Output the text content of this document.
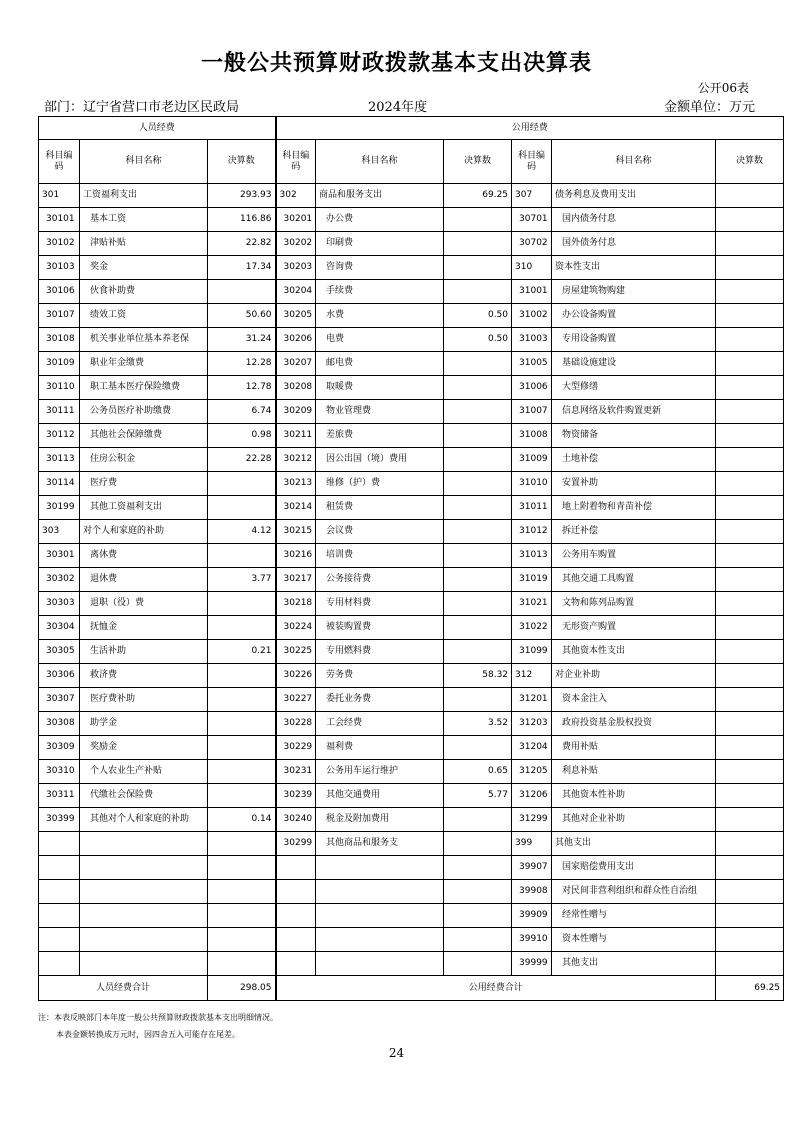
一般公共预算财政拨款基本支出决算表
公开06表
部门：辽宁省营口市老边区民政局	2024年度	金额单位：万元
人员经费			公用经费					
科目编码	科目名称	决算数	科目编码	科目名称	决算数	科目编码	科目名称	决算数
301	工资福利支出	293.93	302	商品和服务支出	69.25	307	债务利息及费用支出	
30101	基本工资	116.86	30201	办公费		30701	国内债务付息	
30102	津贴补贴	22.82	30202	印刷费		30702	国外债务付息	
30103	奖金	17.34	30203	咨询费		310	资本性支出	
30106	伙食补助费		30204	手续费		31001	房屋建筑物购建	
30107	绩效工资	50.60	30205	水费	0.50	31002	办公设备购置	
30108	机关事业单位基本养老保	31.24	30206	电费	0.50	31003	专用设备购置	
30109	职业年金缴费	12.28	30207	邮电费		31005	基础设施建设	
30110	职工基本医疗保险缴费	12.78	30208	取暖费		31006	大型修缮	
30111	公务员医疗补助缴费	6.74	30209	物业管理费		31007	信息网络及软件购置更新	
30112	其他社会保障缴费	0.98	30211	差旅费		31008	物资储备	
30113	住房公积金	22.28	30212	因公出国（境）费用		31009	土地补偿	
30114	医疗费		30213	维修（护）费		31010	安置补助	
30199	其他工资福利支出		30214	租赁费		31011	地上附着物和青苗补偿	
303	对个人和家庭的补助	4.12	30215	会议费		31012	拆迁补偿	
30301	离休费		30216	培训费		31013	公务用车购置	
30302	退休费	3.77	30217	公务接待费		31019	其他交通工具购置	
30303	退职（役）费		30218	专用材料费		31021	文物和陈列品购置	
30304	抚恤金		30224	被装购置费		31022	无形资产购置	
30305	生活补助	0.21	30225	专用燃料费		31099	其他资本性支出	
30306	救济费		30226	劳务费	58.32	312	对企业补助	
30307	医疗费补助		30227	委托业务费		31201	资本金注入	
30308	助学金		30228	工会经费	3.52	31203	政府投资基金股权投资	
30309	奖励金		30229	福利费		31204	费用补贴	
30310	个人农业生产补贴		30231	公务用车运行维护	0.65	31205	利息补贴	
30311	代缴社会保险费		30239	其他交通费用	5.77	31206	其他资本性补助	
30399	其他对个人和家庭的补助	0.14	30240	税金及附加费用		31299	其他对企业补助	
			30299	其他商品和服务支		399	其他支出	
						39907	国家赔偿费用支出	
						39908	对民间非营利组织和群众性自治组	
						39909	经常性赠与	
						39910	资本性赠与	
						39999	其他支出	
人员经费合计		298.05	公用经费合计					69.25
注：本表反映部门本年度一般公共预算财政拨款基本支出明细情况。
本表金额转换成万元时，因四舍五入可能存在尾差。
24
